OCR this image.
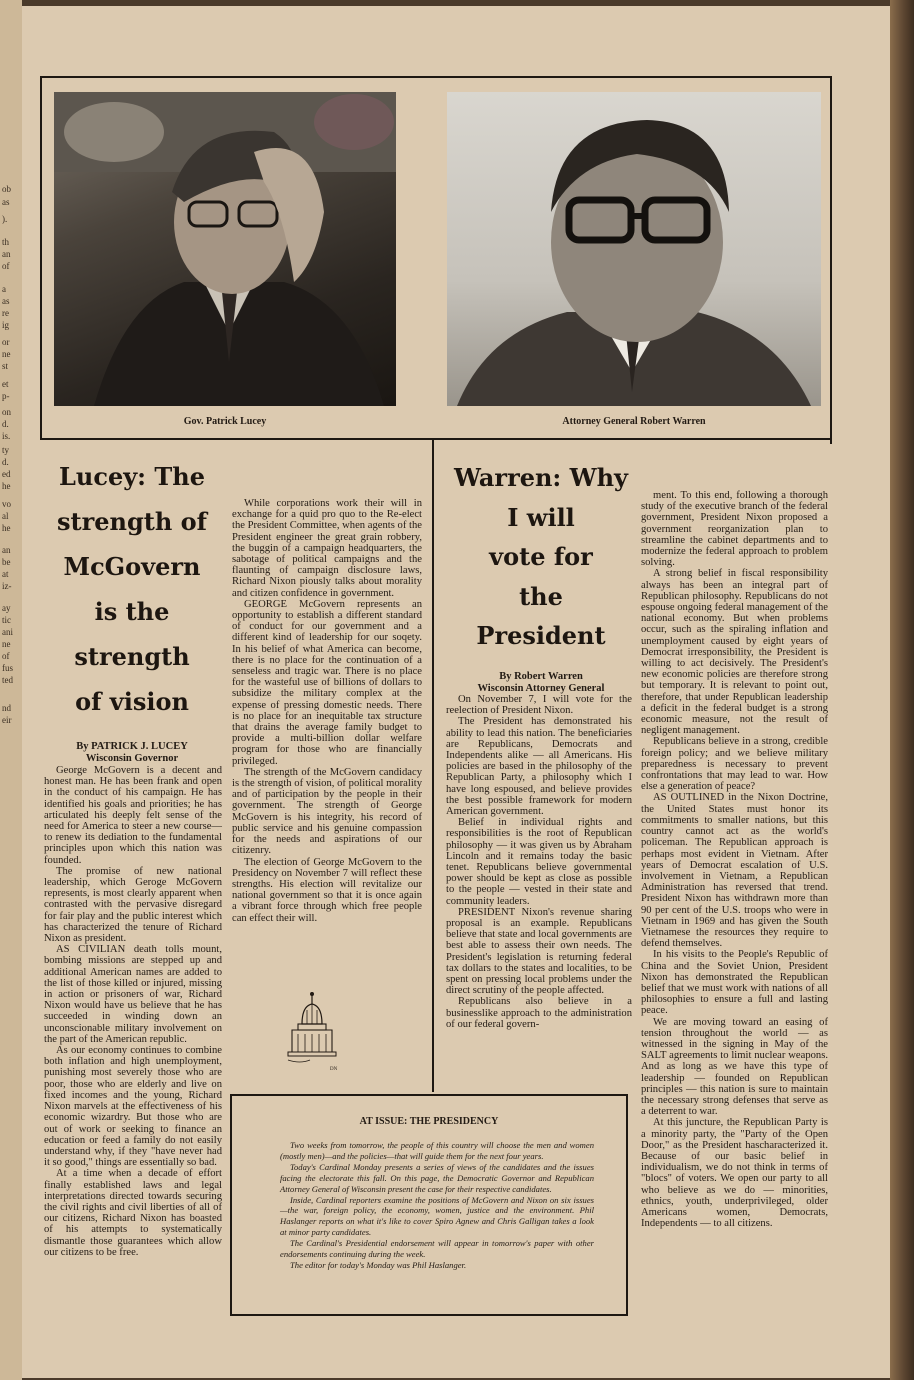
ob
as
).
th
an
of
a
as
re
ig
or
ne
st
et
p-
on
d.
is.
ty
d.
ed
he
vo
al
he
an
be
at
iz-
ay
tic
ani
ne
of
fus
ted
nd
eir
Gov. Patrick Lucey	Attorney General Robert Warren
Lucey: The
strength of
McGovern
is the
strength
of vision
By PATRICK J. LUCEY
Wisconsin Governor

George McGovern is a decent and honest man. He has been frank and open in the conduct of his campaign. He has identified his goals and priorities; he has articulated his deeply felt sense of the need for America to steer a new course—to renew its dediation to the fundamental principles upon which this nation was founded.

The promise of new national leadership, which Geroge McGovern represents, is most clearly apparent when contrasted with the pervasive disregard for fair play and the public interest which has characterized the tenure of Richard Nixon as president.

AS CIVILIAN death tolls mount, bombing missions are stepped up and additional American names are added to the list of those killed or injured, missing in action or prisoners of war, Richard Nixon would have us believe that he has succeeded in winding down an unconscionable military involvement on the part of the American republic.

As our economy continues to combine both inflation and high unemployment, punishing most severely those who are poor, those who are elderly and live on fixed incomes and the young, Richard Nixon marvels at the effectiveness of his economic wizardry. But those who are out of work or seeking to finance an education or feed a family do not easily understand why, if they "have never had it so good," things are essentially so bad.

At a time when a decade of effort finally established laws and legal interpretations directed towards securing the civil rights and civil liberties of all of our citizens, Richard Nixon has boasted of his attempts to systematically dismantle those guarantees which allow our citizens to be free.

While corporations work their will in exchange for a quid pro quo to the Re-elect the President Committee, when agents of the President engineer the great grain robbery, the buggin of a campaign headquarters, the sabotage of political campaigns and the flaunting of campaign disclosure laws, Richard Nixon piously talks about morality and citizen confidence in government.

GEORGE McGovern represents an opportunity to establish a different standard of conduct for our government and a different kind of leadership for our soqety. In his belief of what America can become, there is no place for the continuation of a senseless and tragic war. There is no place for the wasteful use of billions of dollars to subsidize the military complex at the expense of pressing domestic needs. There is no place for an inequitable tax structure that drains the average family budget to provide a multi-billion dollar welfare program for those who are financially privileged.

The strength of the McGovern candidacy is the strength of vision, of political morality and of participation by the people in their government. The strength of George McGovern is his integrity, his record of public service and his genuine compassion for the needs and aspirations of our citizenry.

The election of George McGovern to the Presidency on November 7 will reflect these strengths. His election will revitalize our national government so that it is once again a vibrant force through which free people can effect their will.

DN
Warren: Why
I will
vote for
the
President
By Robert Warren
Wisconsin Attorney General

On November 7, I will vote for the reelection of President Nixon.

The President has demonstrated his ability to lead this nation. The beneficiaries are Republicans, Democrats and Independents alike — all Americans. His policies are based in the philosophy of the Republican Party, a philosophy which I have long espoused, and believe provides the best possible framework for modern American government.

Belief in individual rights and responsibilities is the root of Republican philosophy — it was given us by Abraham Lincoln and it remains today the basic tenet. Republicans believe governmental power should be kept as close as possible to the people — vested in their state and community leaders.

PRESIDENT Nixon's revenue sharing proposal is an example. Republicans believe that state and local governments are best able to assess their own needs. The President's legislation is returning federal tax dollars to the states and localities, to be spent on pressing local problems under the direct scrutiny of the people affected.

Republicans also believe in a businesslike approach to the administration of our federal govern-

ment. To this end, following a thorough study of the executive branch of the federal government, President Nixon proposed a government reorganization plan to streamline the cabinet departments and to modernize the federal approach to problem solving.

A strong belief in fiscal responsibility always has been an integral part of Republican philosophy. Republicans do not espouse ongoing federal management of the national economy. But when problems occur, such as the spiraling inflation and unemployment caused by eight years of Democrat irresponsibility, the President is willing to act decisively. The President's new economic policies are therefore strong but temporary. It is relevant to point out, therefore, that under Republican leadership a deficit in the federal budget is a strong economic measure, not the result of negligent management.

Republicans believe in a strong, credible foreign policy; and we believe military preparedness is necessary to prevent confrontations that may lead to war. How else a generation of peace?

AS OUTLINED in the Nixon Doctrine, the United States must honor its commitments to smaller nations, but this country cannot act as the world's policeman. The Republican approach is perhaps most evident in Vietnam. After years of Democrat escalation of U.S. involvement in Vietnam, a Republican Administration has reversed that trend. President Nixon has withdrawn more than 90 per cent of the U.S. troops who were in Vietnam in 1969 and has given the South Vietnamese the resources they require to defend themselves.

In his visits to the People's Republic of China and the Soviet Union, President Nixon has demonstrated the Republican belief that we must work with nations of all philosophies to ensure a full and lasting peace.

We are moving toward an easing of tension throughout the world — as witnessed in the signing in May of the SALT agreements to limit nuclear weapons. And as long as we have this type of leadership — founded on Republican principles — this nation is sure to maintain the necessary strong defenses that serve as a deterrent to war.

At this juncture, the Republican Party is a minority party, the "Party of the Open Door," as the President hascharacterized it. Because of our basic belief in individualism, we do not think in terms of "blocs" of voters. We open our party to all who believe as we do — minorities, ethnics, youth, underprivileged, older Americans women, Democrats, Independents — to all citizens.

AT ISSUE: THE PRESIDENCY

Two weeks from tomorrow, the people of this country will choose the men and women (mostly men)—and the policies—that will guide them for the next four years.

Today's Cardinal Monday presents a series of views of the candidates and the issues facing the electorate this fall. On this page, the Democratic Governor and Republican Attorney General of Wisconsin present the case for their respective candidates.

Inside, Cardinal reporters examine the positions of McGovern and Nixon on six issues—the war, foreign policy, the economy, women, justice and the environment. Phil Haslanger reports on what it's like to cover Spiro Agnew and Chris Galligan takes a look at minor party candidates.

The Cardinal's Presidential endorsement will appear in tomorrow's paper with other endorsements continuing during the week.

The editor for today's Monday was Phil Haslanger.
